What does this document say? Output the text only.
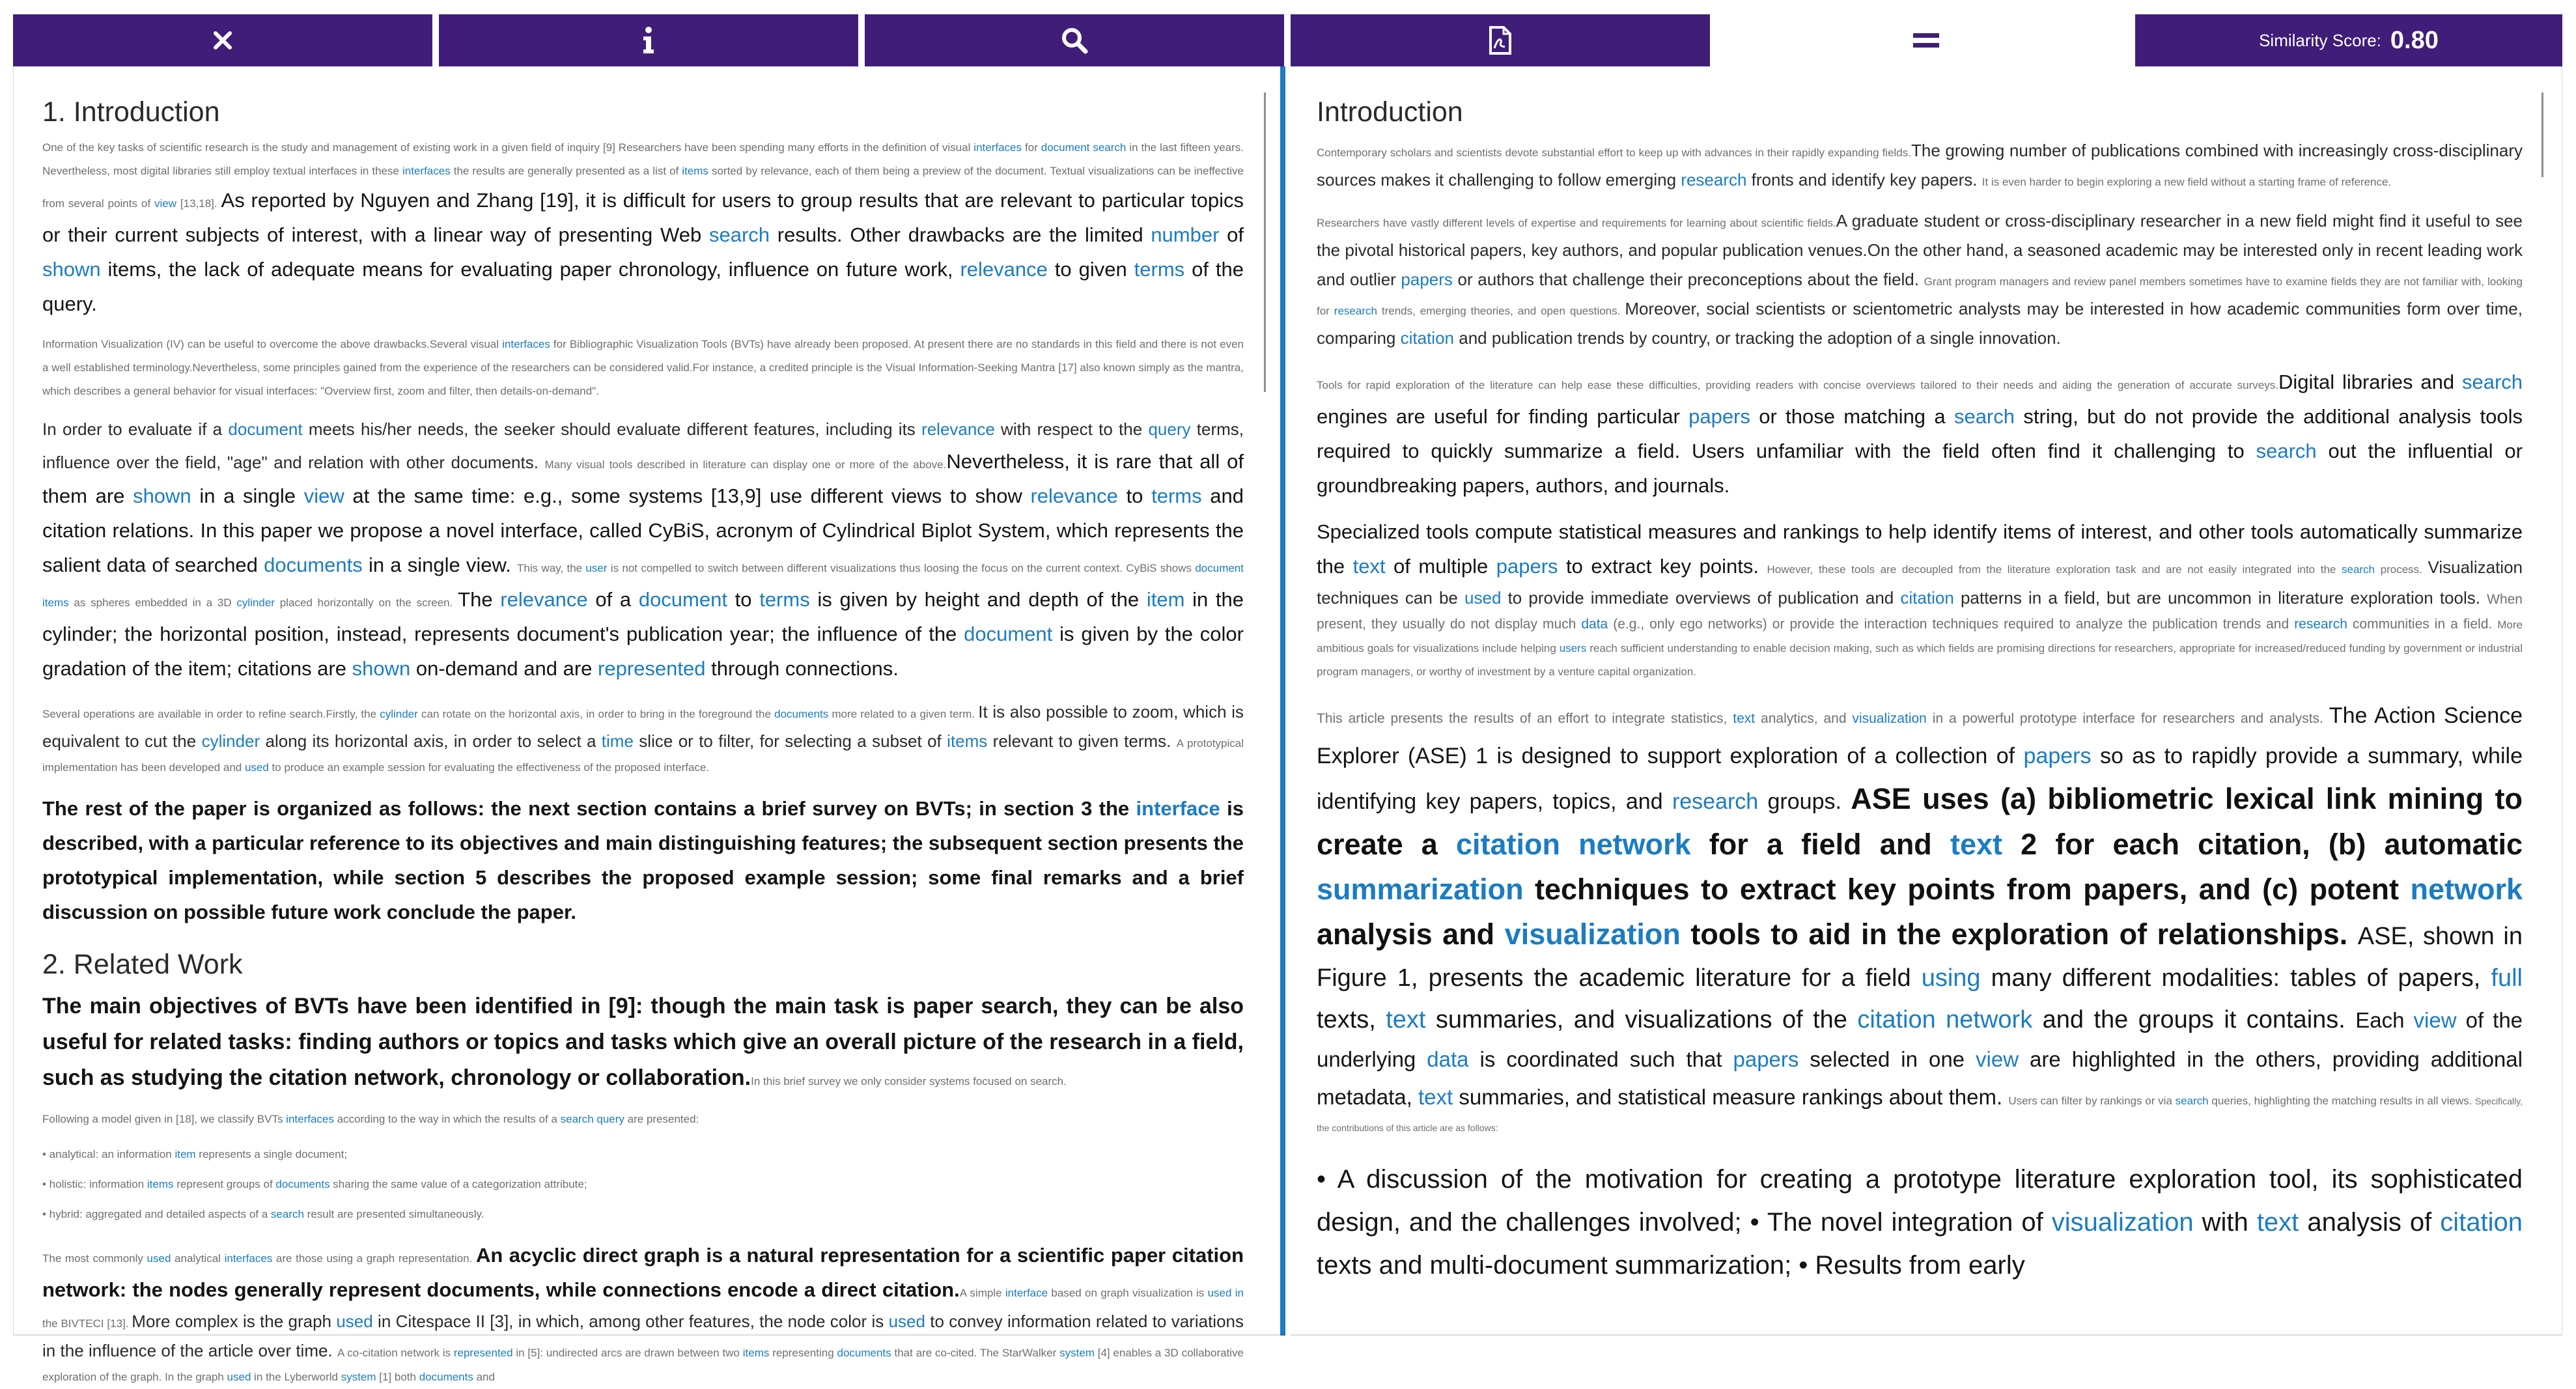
Similarity Score: 0.80
1. Introduction

One of the key tasks of scientific research is the study and management of existing work in a given field of inquiry [9] Researchers have been spending many efforts in the definition of visual interfaces for document search in the last fifteen years. Nevertheless, most digital libraries still employ textual interfaces in these interfaces the results are generally presented as a list of items sorted by relevance, each of them being a preview of the document. Textual visualizations can be ineffective from several points of view [13,18]. As reported by Nguyen and Zhang [19], it is difficult for users to group results that are relevant to particular topics or their current subjects of interest, with a linear way of presenting Web search results. Other drawbacks are the limited number of shown items, the lack of adequate means for evaluating paper chronology, influence on future work, relevance to given terms of the query.

Information Visualization (IV) can be useful to overcome the above drawbacks.Several visual interfaces for Bibliographic Visualization Tools (BVTs) have already been proposed. At present there are no standards in this field and there is not even a well established terminology.Nevertheless, some principles gained from the experience of the researchers can be considered valid.For instance, a credited principle is the Visual Information-Seeking Mantra [17] also known simply as the mantra, which describes a general behavior for visual interfaces: "Overview first, zoom and filter, then details-on-demand".

In order to evaluate if a document meets his/her needs, the seeker should evaluate different features, including its relevance with respect to the query terms, influence over the field, "age" and relation with other documents. Many visual tools described in literature can display one or more of the above.Nevertheless, it is rare that all of them are shown in a single view at the same time: e.g., some systems [13,9] use different views to show relevance to terms and citation relations. In this paper we propose a novel interface, called CyBiS, acronym of Cylindrical Biplot System, which represents the salient data of searched documents in a single view. This way, the user is not compelled to switch between different visualizations thus loosing the focus on the current context. CyBiS shows document items as spheres embedded in a 3D cylinder placed horizontally on the screen. The relevance of a document to terms is given by height and depth of the item in the cylinder; the horizontal position, instead, represents document's publication year; the influence of the document is given by the color gradation of the item; citations are shown on-demand and are represented through connections.

Several operations are available in order to refine search.Firstly, the cylinder can rotate on the horizontal axis, in order to bring in the foreground the documents more related to a given term. It is also possible to zoom, which is equivalent to cut the cylinder along its horizontal axis, in order to select a time slice or to filter, for selecting a subset of items relevant to given terms. A prototypical implementation has been developed and used to produce an example session for evaluating the effectiveness of the proposed interface.

The rest of the paper is organized as follows: the next section contains a brief survey on BVTs; in section 3 the interface is described, with a particular reference to its objectives and main distinguishing features; the subsequent section presents the prototypical implementation, while section 5 describes the proposed example session; some final remarks and a brief discussion on possible future work conclude the paper.

2. Related Work

The main objectives of BVTs have been identified in [9]: though the main task is paper search, they can be also useful for related tasks: finding authors or topics and tasks which give an overall picture of the research in a field, such as studying the citation network, chronology or collaboration.In this brief survey we only consider systems focused on search.

Following a model given in [18], we classify BVTs interfaces according to the way in which the results of a search query are presented:

• analytical: an information item represents a single document;

• holistic: information items represent groups of documents sharing the same value of a categorization attribute;

• hybrid: aggregated and detailed aspects of a search result are presented simultaneously.

The most commonly used analytical interfaces are those using a graph representation. An acyclic direct graph is a natural representation for a scientific paper citation network: the nodes generally represent documents, while connections encode a direct citation.A simple interface based on graph visualization is used in the BIVTECI [13]. More complex is the graph used in Citespace II [3], in which, among other features, the node color is used to convey information related to variations in the influence of the article over time. A co-citation network is represented in [5]: undirected arcs are drawn between two items representing documents that are co-cited. The StarWalker system [4] enables a 3D collaborative exploration of the graph. In the graph used in the Lyberworld system [1] both documents and

Introduction

Contemporary scholars and scientists devote substantial effort to keep up with advances in their rapidly expanding fields.The growing number of publications combined with increasingly cross-disciplinary sources makes it challenging to follow emerging research fronts and identify key papers. It is even harder to begin exploring a new field without a starting frame of reference.

Researchers have vastly different levels of expertise and requirements for learning about scientific fields.A graduate student or cross-disciplinary researcher in a new field might find it useful to see the pivotal historical papers, key authors, and popular publication venues.On the other hand, a seasoned academic may be interested only in recent leading work and outlier papers or authors that challenge their preconceptions about the field. Grant program managers and review panel members sometimes have to examine fields they are not familiar with, looking for research trends, emerging theories, and open questions. Moreover, social scientists or scientometric analysts may be interested in how academic communities form over time, comparing citation and publication trends by country, or tracking the adoption of a single innovation.

Tools for rapid exploration of the literature can help ease these difficulties, providing readers with concise overviews tailored to their needs and aiding the generation of accurate surveys.Digital libraries and search engines are useful for finding particular papers or those matching a search string, but do not provide the additional analysis tools required to quickly summarize a field. Users unfamiliar with the field often find it challenging to search out the influential or groundbreaking papers, authors, and journals.

Specialized tools compute statistical measures and rankings to help identify items of interest, and other tools automatically summarize the text of multiple papers to extract key points. However, these tools are decoupled from the literature exploration task and are not easily integrated into the search process. Visualization techniques can be used to provide immediate overviews of publication and citation patterns in a field, but are uncommon in literature exploration tools. When present, they usually do not display much data (e.g., only ego networks) or provide the interaction techniques required to analyze the publication trends and research communities in a field. More ambitious goals for visualizations include helping users reach sufficient understanding to enable decision making, such as which fields are promising directions for researchers, appropriate for increased/reduced funding by government or industrial program managers, or worthy of investment by a venture capital organization.

This article presents the results of an effort to integrate statistics, text analytics, and visualization in a powerful prototype interface for researchers and analysts. The Action Science Explorer (ASE) 1 is designed to support exploration of a collection of papers so as to rapidly provide a summary, while identifying key papers, topics, and research groups. ASE uses (a) bibliometric lexical link mining to create a citation network for a field and text 2 for each citation, (b) automatic summarization techniques to extract key points from papers, and (c) potent network analysis and visualization tools to aid in the exploration of relationships. ASE, shown in Figure 1, presents the academic literature for a field using many different modalities: tables of papers, full texts, text summaries, and visualizations of the citation network and the groups it contains. Each view of the underlying data is coordinated such that papers selected in one view are highlighted in the others, providing additional metadata, text summaries, and statistical measure rankings about them. Users can filter by rankings or via search queries, highlighting the matching results in all views. Specifically, the contributions of this article are as follows:

• A discussion of the motivation for creating a prototype literature exploration tool, its sophisticated design, and the challenges involved; • The novel integration of visualization with text analysis of citation texts and multi-document summarization; • Results from early
